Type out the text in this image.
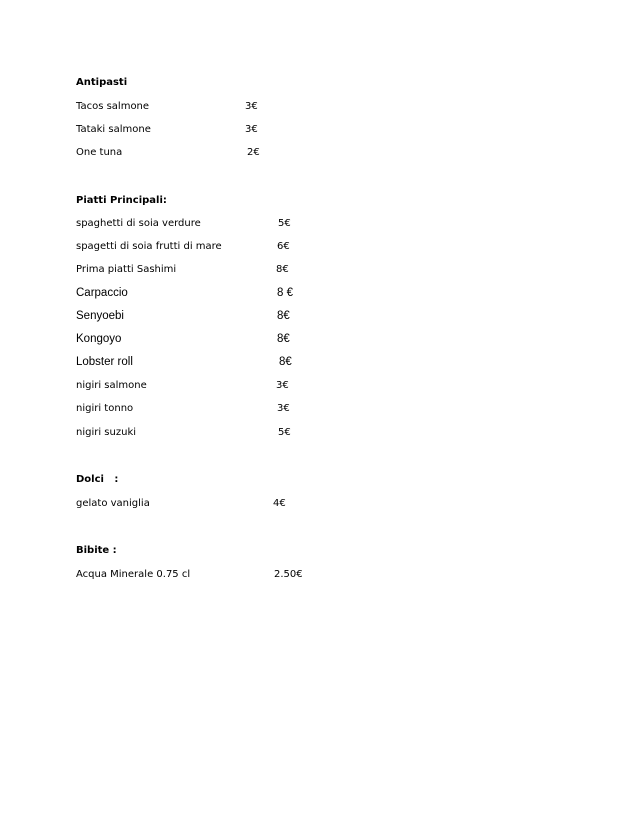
Antipasti
Tacos salmone	3€
Tataki salmone	3€
One tuna	2€
Piatti Principali:
spaghetti di soia verdure	5€
spagetti di soia frutti di mare	6€
Prima piatti Sashimi	8€
Carpaccio	8 €
Senyoebi	8€
Kongoyo	8€
Lobster roll	8€
nigiri salmone	3€
nigiri tonno	3€
nigiri suzuki	5€
Dolci   :
gelato vaniglia	4€
Bibite :
Acqua Minerale 0.75 cl	2.50€
